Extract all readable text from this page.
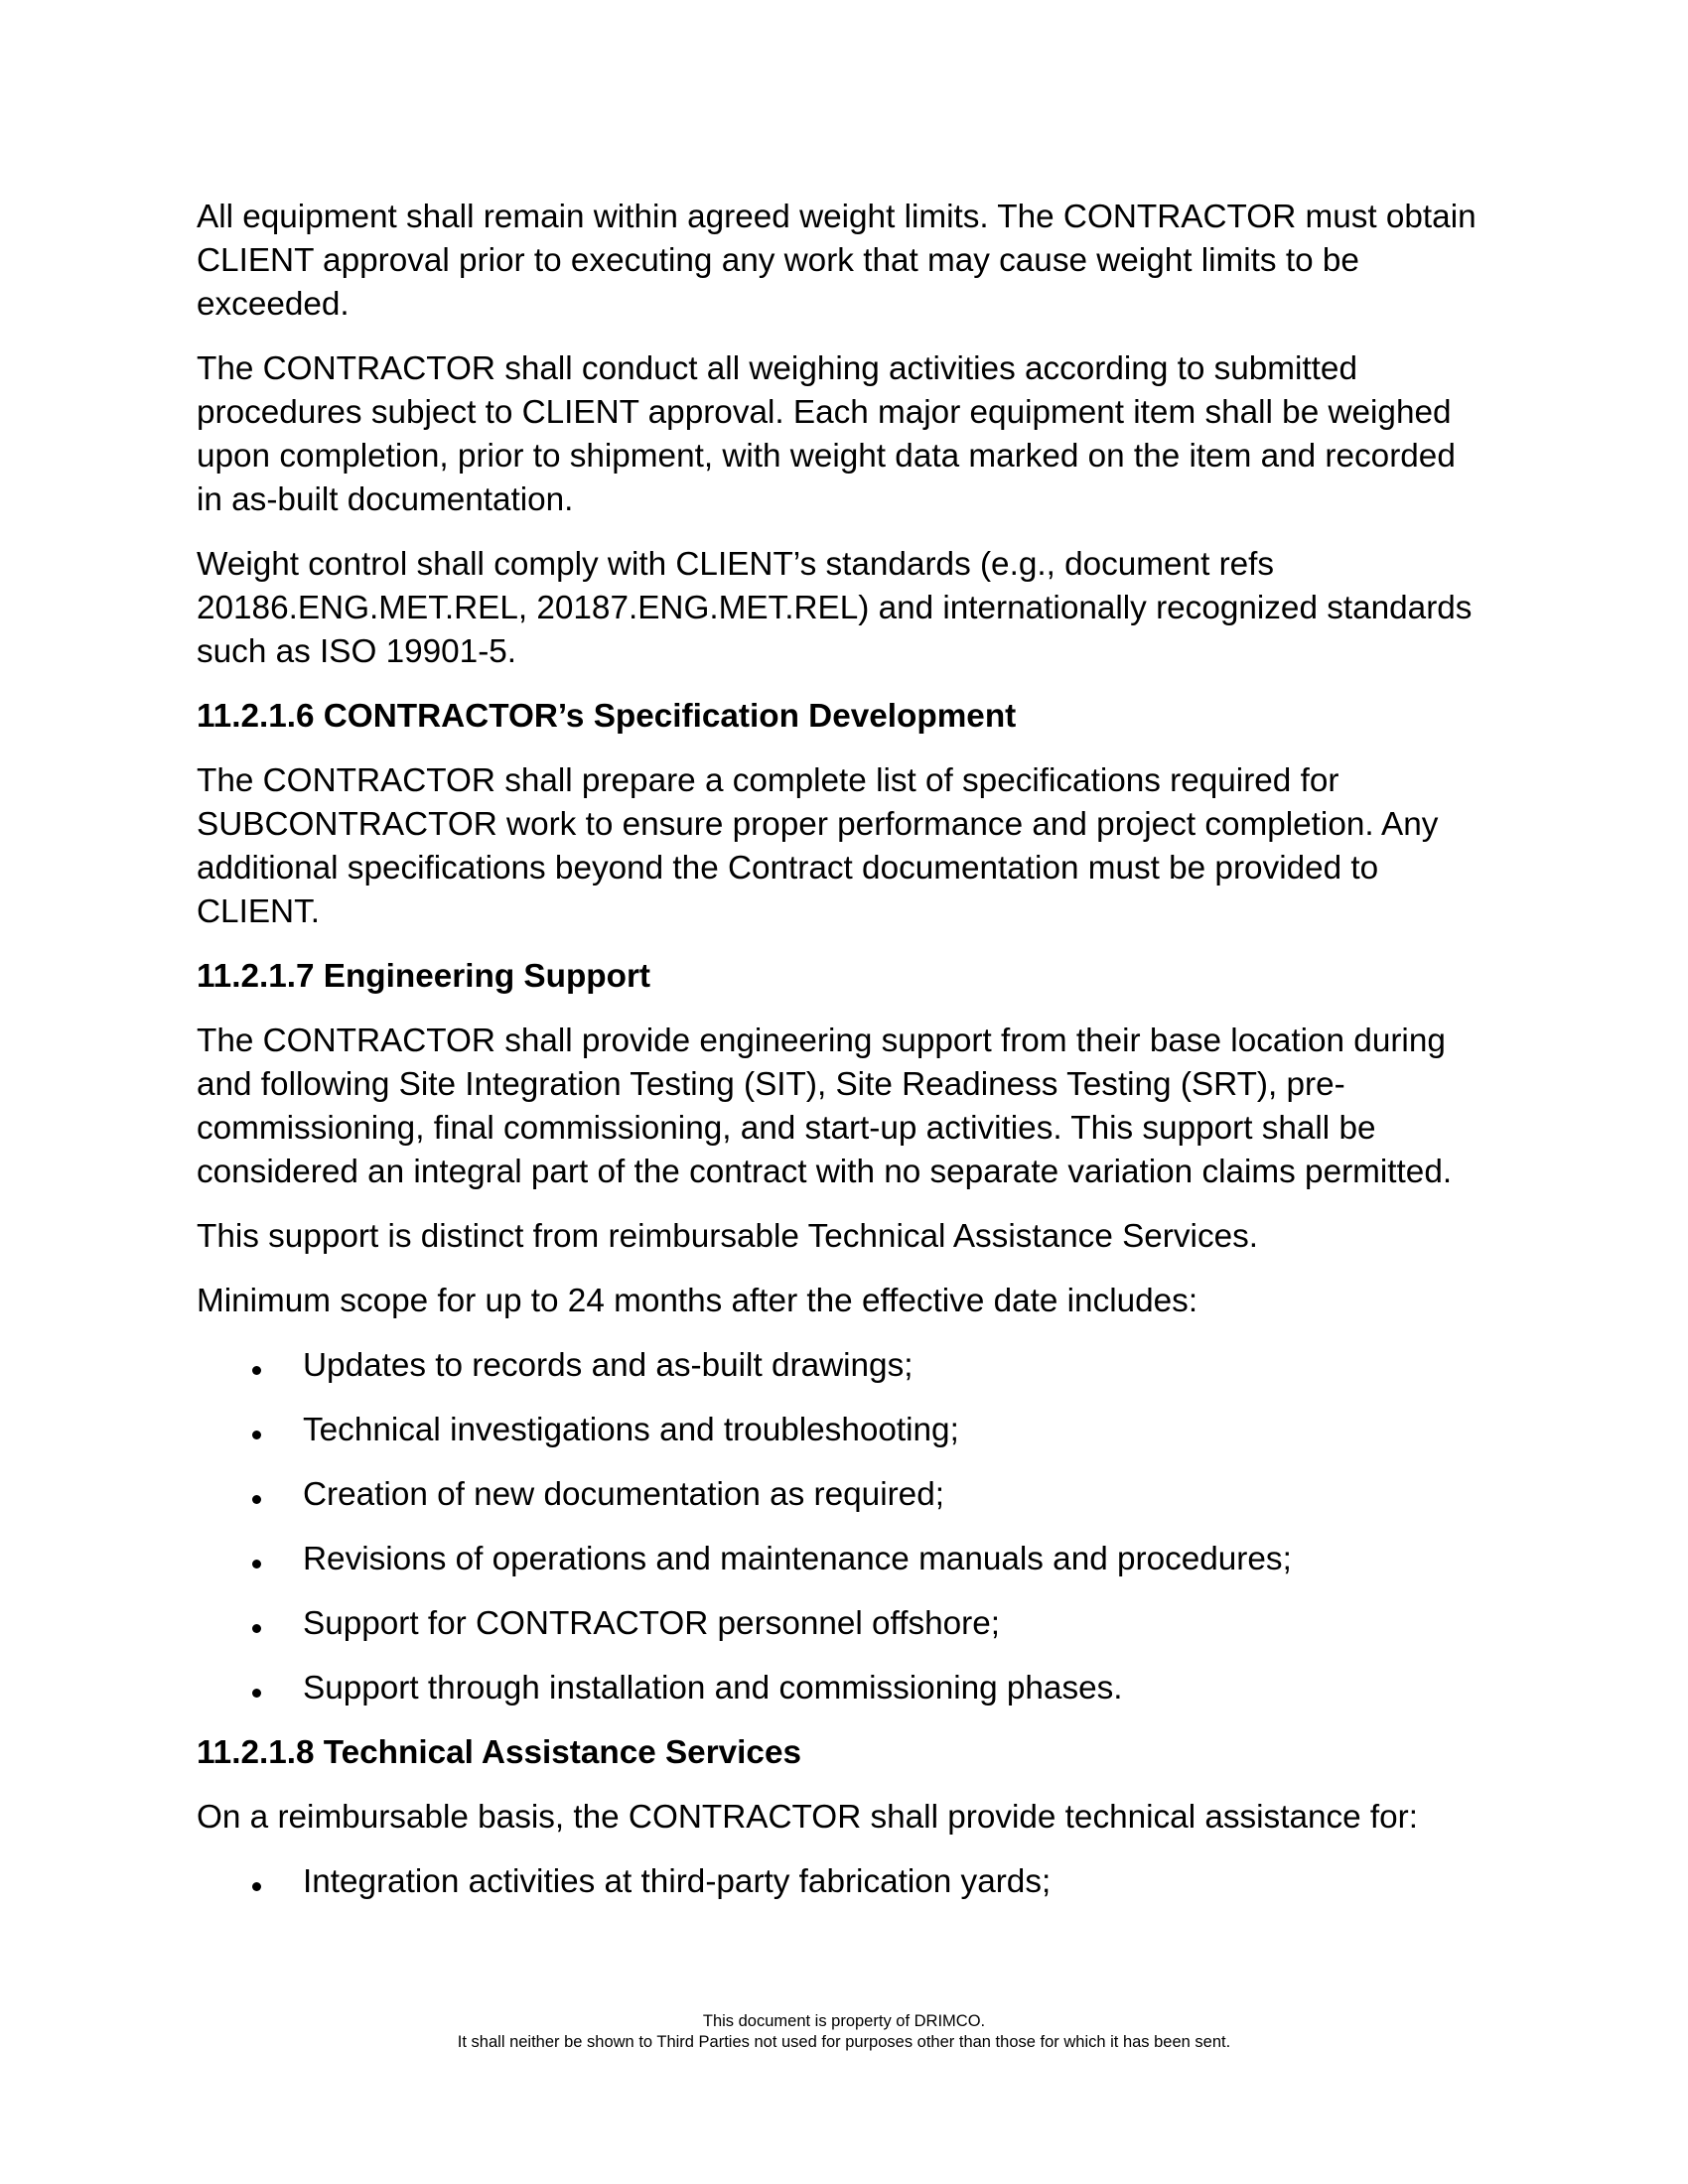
All equipment shall remain within agreed weight limits. The CONTRACTOR must obtain CLIENT approval prior to executing any work that may cause weight limits to be exceeded.

The CONTRACTOR shall conduct all weighing activities according to submitted procedures subject to CLIENT approval. Each major equipment item shall be weighed upon completion, prior to shipment, with weight data marked on the item and recorded in as-built documentation.

Weight control shall comply with CLIENT’s standards (e.g., document refs 20186.ENG.MET.REL, 20187.ENG.MET.REL) and internationally recognized standards such as ISO 19901-5.

11.2.1.6 CONTRACTOR’s Specification Development

The CONTRACTOR shall prepare a complete list of specifications required for SUBCONTRACTOR work to ensure proper performance and project completion. Any additional specifications beyond the Contract documentation must be provided to CLIENT.

11.2.1.7 Engineering Support

The CONTRACTOR shall provide engineering support from their base location during and following Site Integration Testing (SIT), Site Readiness Testing (SRT), pre-commissioning, final commissioning, and start-up activities. This support shall be considered an integral part of the contract with no separate variation claims permitted.

This support is distinct from reimbursable Technical Assistance Services.

Minimum scope for up to 24 months after the effective date includes:

Updates to records and as-built drawings;
Technical investigations and troubleshooting;
Creation of new documentation as required;
Revisions of operations and maintenance manuals and procedures;
Support for CONTRACTOR personnel offshore;
Support through installation and commissioning phases.
11.2.1.8 Technical Assistance Services

On a reimbursable basis, the CONTRACTOR shall provide technical assistance for:

Integration activities at third-party fabrication yards;
This document is property of DRIMCO.
It shall neither be shown to Third Parties not used for purposes other than those for which it has been sent.
